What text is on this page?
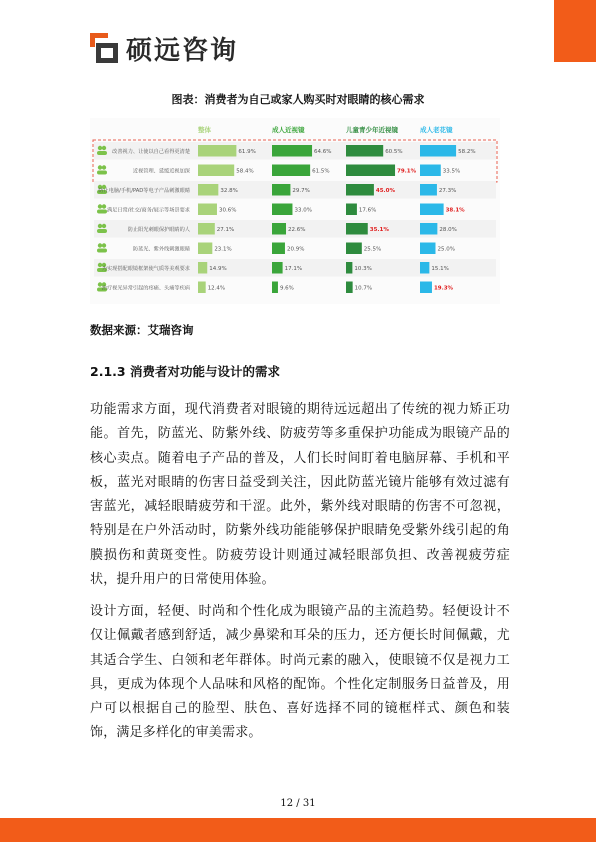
硕远咨询
图表：消费者为自己或家人购买时对眼睛的核心需求
整体	成人近视镜	儿童青少年近视镜	成人老花镜
改善视力、让使以自己看得更清楚	61.9%	64.6%	60.5%	58.2%
近视管理、延缓近视加深	58.4%	61.5%	79.1%	33.5%
防止电脑/手机/PAD等电子产品刺激眼睛	32.8%	29.7%	45.0%	27.3%
满足日常/社交/商务/展示等场景要求	30.6%	33.0%	17.6%	38.1%
防止阳光刺眼保护眼睛的人	27.1%	22.6%	35.1%	28.0%
防蓝光、紫外线刺激眼睛	23.1%	20.9%	25.5%	25.0%
为实现搭配眼镜框架使气质等美观要求	14.9%	17.1%	10.3%	15.1%
治疗视光异常引起的疼痛、头痛等疾病	12.4%	9.6%	10.7%	19.3%
数据来源：艾瑞咨询
2.1.3 消费者对功能与设计的需求
功能需求方面，现代消费者对眼镜的期待远远超出了传统的视力矫正功能。首先，防蓝光、防紫外线、防疲劳等多重保护功能成为眼镜产品的核心卖点。随着电子产品的普及，人们长时间盯着电脑屏幕、手机和平板，蓝光对眼睛的伤害日益受到关注，因此防蓝光镜片能够有效过滤有害蓝光，减轻眼睛疲劳和干涩。此外，紫外线对眼睛的伤害不可忽视，特别是在户外活动时，防紫外线功能能够保护眼睛免受紫外线引起的角膜损伤和黄斑变性。防疲劳设计则通过减轻眼部负担、改善视疲劳症状，提升用户的日常使用体验。
设计方面，轻便、时尚和个性化成为眼镜产品的主流趋势。轻便设计不仅让佩戴者感到舒适，减少鼻梁和耳朵的压力，还方便长时间佩戴，尤其适合学生、白领和老年群体。时尚元素的融入，使眼镜不仅是视力工具，更成为体现个人品味和风格的配饰。个性化定制服务日益普及，用户可以根据自己的脸型、肤色、喜好选择不同的镜框样式、颜色和装饰，满足多样化的审美需求。
12 / 31
